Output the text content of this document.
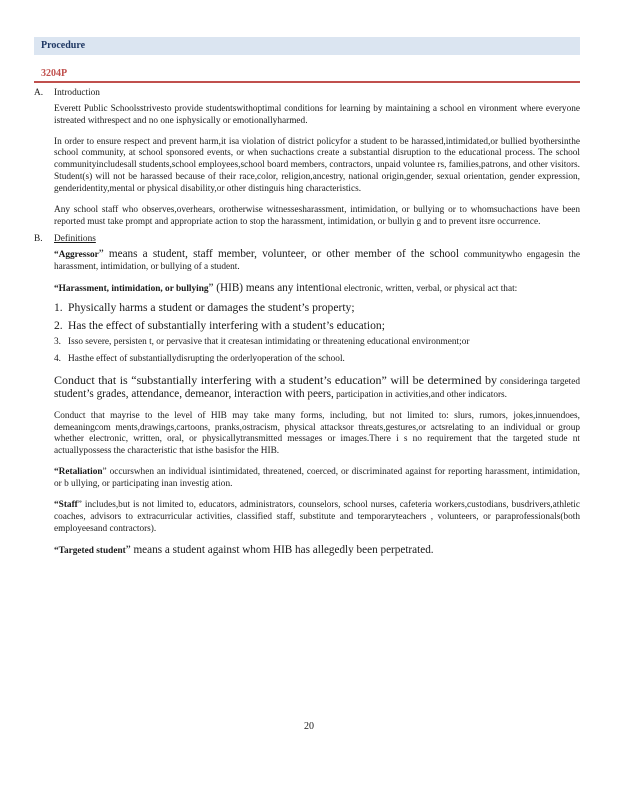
Procedure
3204P
A. Introduction

Everett Public Schoolsstrivesto provide studentswithoptimal conditions for learning by maintaining a school en vironment where everyone istreated withrespect and no one isphysically or emotionallyharmed.

In order to ensure respect and prevent harm,it isa violation of district policyfor a student to be harassed,intimidated,or bullied byothersinthe school community, at school sponsored events, or when suchactions create a substantial disruption to the educational process. The school communityincludesall students,school employees,school board members, contractors, unpaid voluntee rs, families,patrons, and other visitors. Student(s) will not be harassed because of their race,color, religion,ancestry, national origin,gender, sexual orientation, gender expression, genderidentity,mental or physical disability,or other distinguis hing characteristics.

Any school staff who observes,overhears, orotherwise witnessesharassment, intimidation, or bullying or to whomsuchactions have been reported must take prompt and appropriate action to stop the harassment, intimidation, or bullyin g and to prevent itsre occurrence.

B. Definitions

“Aggressor” means a student, staff member, volunteer, or other member of the school communitywho engagesin the harassment, intimidation, or bullying of a student.

“Harassment, intimidation, or bullying” (HIB) means any intentional electronic, written, verbal, or physical act that:

1. Physically harms a student or damages the student’s property;
2. Has the effect of substantially interfering with a student’s education;
3. Isso severe, persisten t, or pervasive that it createsan intimidating or threatening educational environment;or
4. Hasthe effect of substantiallydisrupting the orderlyoperation of the school.

Conduct that is “substantially interfering with a student’s education” will be determined by consideringa targeted student’s grades, attendance, demeanor, interaction with peers, participation in activities,and other indicators.

Conduct that mayrise to the level of HIB may take many forms, including, but not limited to: slurs, rumors, jokes,innuendoes, demeaningcom ments,drawings,cartoons, pranks,ostracism, physical attacksor threats,gestures,or actsrelating to an individual or group whether electronic, written, oral, or physicallytransmitted messages or images.There i s no requirement that the targeted stude nt actuallypossess the characteristic that isthe basisfor the HIB.

“Retaliation” occurswhen an individual isintimidated, threatened, coerced, or discriminated against for reporting harassment, intimidation, or b ullying, or participating inan investig ation.

“Staff” includes,but is not limited to, educators, administrators, counselors, school nurses, cafeteria workers,custodians, busdrivers,athletic coaches, advisors to extracurricular activities, classified staff, substitute and temporaryteachers , volunteers, or paraprofessionals(both employeesand contractors).

“Targeted student” means a student against whom HIB has allegedly been perpetrated.

20
